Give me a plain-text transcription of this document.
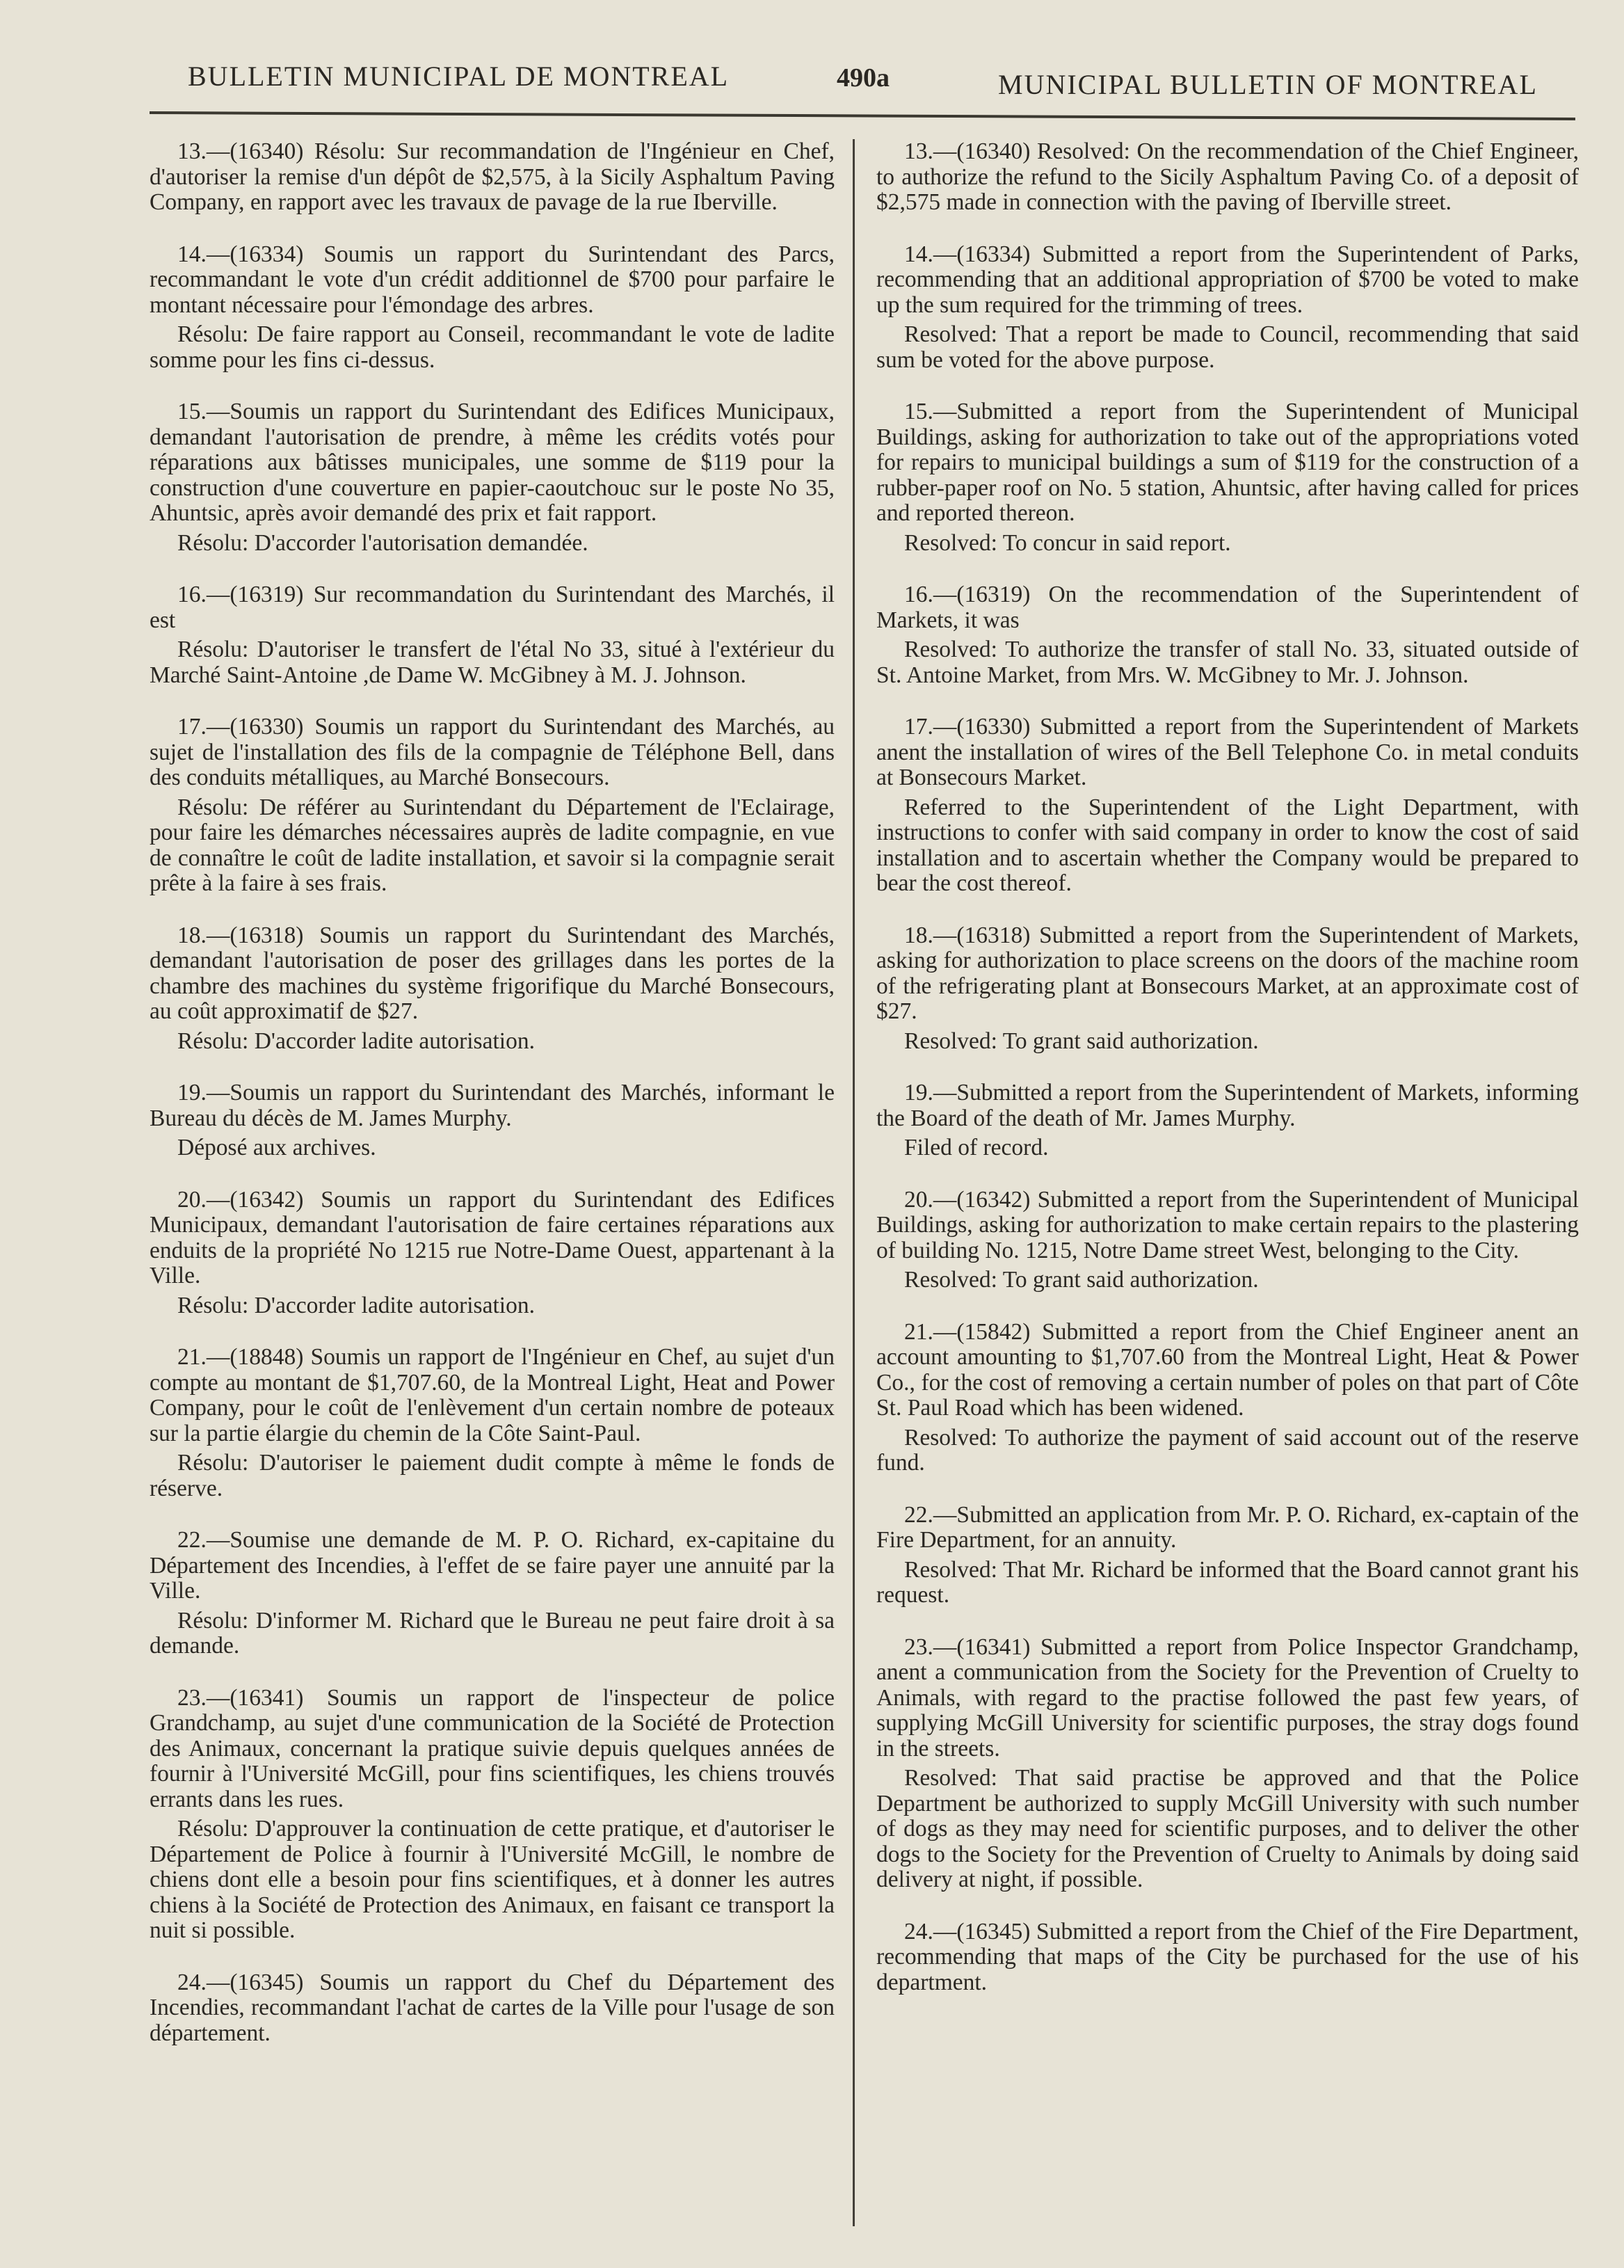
BULLETIN MUNICIPAL DE MONTREAL	490a	MUNICIPAL BULLETIN OF MONTREAL

13.—(16340) Résolu: Sur recommandation de l'Ingénieur en Chef, d'autoriser la remise d'un dépôt de $2,575, à la Sicily Asphaltum Paving Company, en rapport avec les travaux de pavage de la rue Iberville.

14.—(16334) Soumis un rapport du Surintendant des Parcs, recommandant le vote d'un crédit additionnel de $700 pour parfaire le montant nécessaire pour l'émondage des arbres.

Résolu: De faire rapport au Conseil, recommandant le vote de ladite somme pour les fins ci-dessus.

15.—Soumis un rapport du Surintendant des Edifices Municipaux, demandant l'autorisation de prendre, à même les crédits votés pour réparations aux bâtisses municipales, une somme de $119 pour la construction d'une couverture en papier-caoutchouc sur le poste No 35, Ahuntsic, après avoir demandé des prix et fait rapport.

Résolu: D'accorder l'autorisation demandée.

16.—(16319) Sur recommandation du Surintendant des Marchés, il est

Résolu: D'autoriser le transfert de l'étal No 33, situé à l'extérieur du Marché Saint-Antoine ,de Dame W. McGibney à M. J. Johnson.

17.—(16330) Soumis un rapport du Surintendant des Marchés, au sujet de l'installation des fils de la compagnie de Téléphone Bell, dans des conduits métalliques, au Marché Bonsecours.

Résolu: De référer au Surintendant du Département de l'Eclairage, pour faire les démarches nécessaires auprès de ladite compagnie, en vue de connaître le coût de ladite installation, et savoir si la compagnie serait prête à la faire à ses frais.

18.—(16318) Soumis un rapport du Surintendant des Marchés, demandant l'autorisation de poser des grillages dans les portes de la chambre des machines du système frigorifique du Marché Bonsecours, au coût approximatif de $27.

Résolu: D'accorder ladite autorisation.

19.—Soumis un rapport du Surintendant des Marchés, informant le Bureau du décès de M. James Murphy.

Déposé aux archives.

20.—(16342) Soumis un rapport du Surintendant des Edifices Municipaux, demandant l'autorisation de faire certaines réparations aux enduits de la propriété No 1215 rue Notre-Dame Ouest, appartenant à la Ville.

Résolu: D'accorder ladite autorisation.

21.—(18848) Soumis un rapport de l'Ingénieur en Chef, au sujet d'un compte au montant de $1,707.60, de la Montreal Light, Heat and Power Company, pour le coût de l'enlèvement d'un certain nombre de poteaux sur la partie élargie du chemin de la Côte Saint-Paul.

Résolu: D'autoriser le paiement dudit compte à même le fonds de réserve.

22.—Soumise une demande de M. P. O. Richard, ex-capitaine du Département des Incendies, à l'effet de se faire payer une annuité par la Ville.

Résolu: D'informer M. Richard que le Bureau ne peut faire droit à sa demande.

23.—(16341) Soumis un rapport de l'inspecteur de police Grandchamp, au sujet d'une communication de la Société de Protection des Animaux, concernant la pratique suivie depuis quelques années de fournir à l'Université McGill, pour fins scientifiques, les chiens trouvés errants dans les rues.

Résolu: D'approuver la continuation de cette pratique, et d'autoriser le Département de Police à fournir à l'Université McGill, le nombre de chiens dont elle a besoin pour fins scientifiques, et à donner les autres chiens à la Société de Protection des Animaux, en faisant ce transport la nuit si possible.

24.—(16345) Soumis un rapport du Chef du Département des Incendies, recommandant l'achat de cartes de la Ville pour l'usage de son département.

13.—(16340) Resolved: On the recommendation of the Chief Engineer, to authorize the refund to the Sicily Asphaltum Paving Co. of a deposit of $2,575 made in connection with the paving of Iberville street.

14.—(16334) Submitted a report from the Superintendent of Parks, recommending that an additional appropriation of $700 be voted to make up the sum required for the trimming of trees.

Resolved: That a report be made to Council, recommending that said sum be voted for the above purpose.

15.—Submitted a report from the Superintendent of Municipal Buildings, asking for authorization to take out of the appropriations voted for repairs to municipal buildings a sum of $119 for the construction of a rubber-paper roof on No. 5 station, Ahuntsic, after having called for prices and reported thereon.

Resolved: To concur in said report.

16.—(16319) On the recommendation of the Superintendent of Markets, it was

Resolved: To authorize the transfer of stall No. 33, situated outside of St. Antoine Market, from Mrs. W. McGibney to Mr. J. Johnson.

17.—(16330) Submitted a report from the Superintendent of Markets anent the installation of wires of the Bell Telephone Co. in metal conduits at Bonsecours Market.

Referred to the Superintendent of the Light Department, with instructions to confer with said company in order to know the cost of said installation and to ascertain whether the Company would be prepared to bear the cost thereof.

18.—(16318) Submitted a report from the Superintendent of Markets, asking for authorization to place screens on the doors of the machine room of the refrigerating plant at Bonsecours Market, at an approximate cost of $27.

Resolved: To grant said authorization.

19.—Submitted a report from the Superintendent of Markets, informing the Board of the death of Mr. James Murphy.

Filed of record.

20.—(16342) Submitted a report from the Superintendent of Municipal Buildings, asking for authorization to make certain repairs to the plastering of building No. 1215, Notre Dame street West, belonging to the City.

Resolved: To grant said authorization.

21.—(15842) Submitted a report from the Chief Engineer anent an account amounting to $1,707.60 from the Montreal Light, Heat & Power Co., for the cost of removing a certain number of poles on that part of Côte St. Paul Road which has been widened.

Resolved: To authorize the payment of said account out of the reserve fund.

22.—Submitted an application from Mr. P. O. Richard, ex-captain of the Fire Department, for an annuity.

Resolved: That Mr. Richard be informed that the Board cannot grant his request.

23.—(16341) Submitted a report from Police Inspector Grandchamp, anent a communication from the Society for the Prevention of Cruelty to Animals, with regard to the practise followed the past few years, of supplying McGill University for scientific purposes, the stray dogs found in the streets.

Resolved: That said practise be approved and that the Police Department be authorized to supply McGill University with such number of dogs as they may need for scientific purposes, and to deliver the other dogs to the Society for the Prevention of Cruelty to Animals by doing said delivery at night, if possible.

24.—(16345) Submitted a report from the Chief of the Fire Department, recommending that maps of the City be purchased for the use of his department.
